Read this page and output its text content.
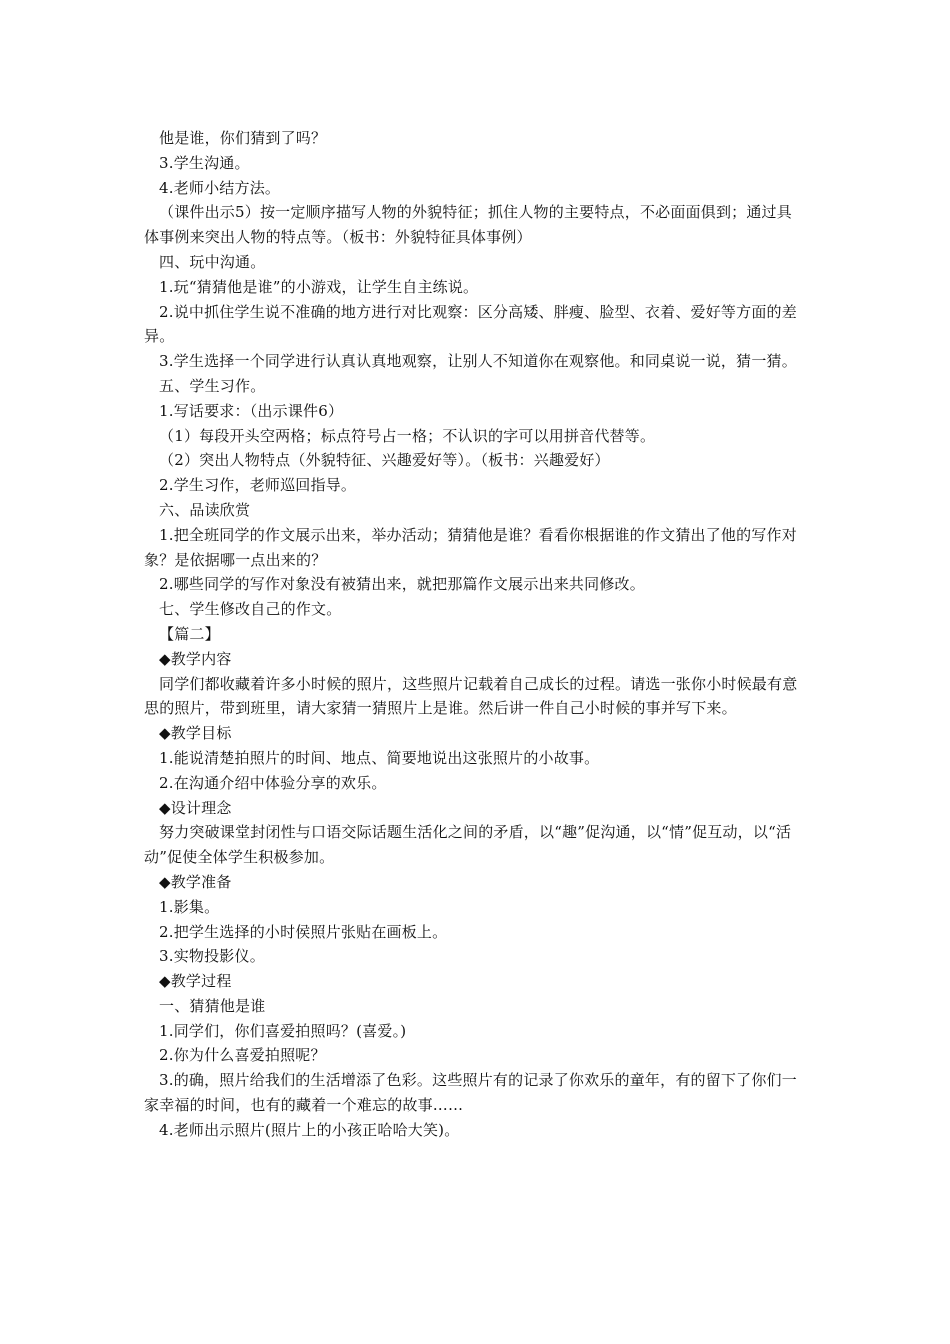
他是谁，你们猜到了吗？

3.学生沟通。

4.老师小结方法。

（课件出示5）按一定顺序描写人物的外貌特征；抓住人物的主要特点，不必面面俱到；通过具体事例来突出人物的特点等。（板书：外貌特征具体事例）

四、玩中沟通。

1.玩“猜猜他是谁”的小游戏，让学生自主练说。

2.说中抓住学生说不准确的地方进行对比观察：区分高矮、胖瘦、脸型、衣着、爱好等方面的差异。

3.学生选择一个同学进行认真认真地观察，让别人不知道你在观察他。和同桌说一说，猜一猜。

五、学生习作。

1.写话要求：（出示课件6）

（1）每段开头空两格；标点符号占一格；不认识的字可以用拼音代替等。

（2）突出人物特点（外貌特征、兴趣爱好等）。（板书：兴趣爱好）

2.学生习作，老师巡回指导。

六、品读欣赏

1.把全班同学的作文展示出来，举办活动；猜猜他是谁？看看你根据谁的作文猜出了他的写作对象？是依据哪一点出来的？

2.哪些同学的写作对象没有被猜出来，就把那篇作文展示出来共同修改。

七、学生修改自己的作文。

【篇二】

◆教学内容

同学们都收藏着许多小时候的照片，这些照片记载着自己成长的过程。请选一张你小时候最有意思的照片，带到班里，请大家猜一猜照片上是谁。然后讲一件自己小时候的事并写下来。

◆教学目标

1.能说清楚拍照片的时间、地点、简要地说出这张照片的小故事。

2.在沟通介绍中体验分享的欢乐。

◆设计理念

努力突破课堂封闭性与口语交际话题生活化之间的矛盾，以“趣”促沟通，以“情”促互动，以“活动”促使全体学生积极参加。

◆教学准备

1.影集。

2.把学生选择的小时侯照片张贴在画板上。

3.实物投影仪。

◆教学过程

一、猜猜他是谁

1.同学们，你们喜爱拍照吗？(喜爱。)

2.你为什么喜爱拍照呢？

3.的确，照片给我们的生活增添了色彩。这些照片有的记录了你欢乐的童年，有的留下了你们一家幸福的时间，也有的藏着一个难忘的故事……

4.老师出示照片(照片上的小孩正哈哈大笑)。
